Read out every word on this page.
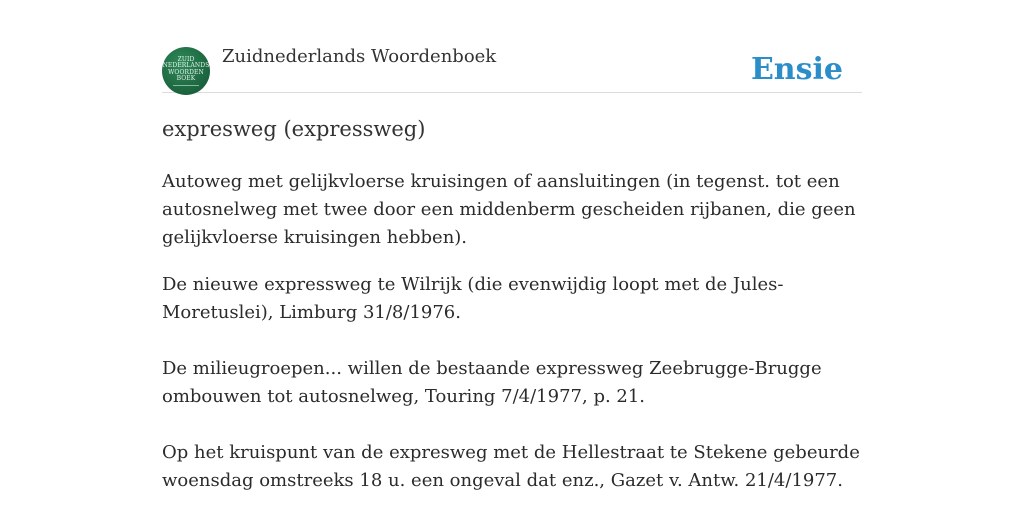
ZUID
NEDERLANDS
WOORDEN
BOEK
Zuidnederlands Woordenboek	Ensie
expresweg (expressweg)

Autoweg met gelijkvloerse kruisingen of aansluitingen (in tegenst. tot een autosnelweg met twee door een middenberm gescheiden rijbanen, die geen gelijkvloerse kruisingen hebben).

De nieuwe expressweg te Wilrijk (die evenwijdig loopt met de Jules-Moretuslei), Limburg 31/8/1976.

De milieugroepen... willen de bestaande expressweg Zeebrugge-Brugge ombouwen tot autosnelweg, Touring 7/4/1977, p. 21.

Op het kruispunt van de expresweg met de Hellestraat te Stekene gebeurde woensdag omstreeks 18 u. een ongeval dat enz., Gazet v. Antw. 21/4/1977.
